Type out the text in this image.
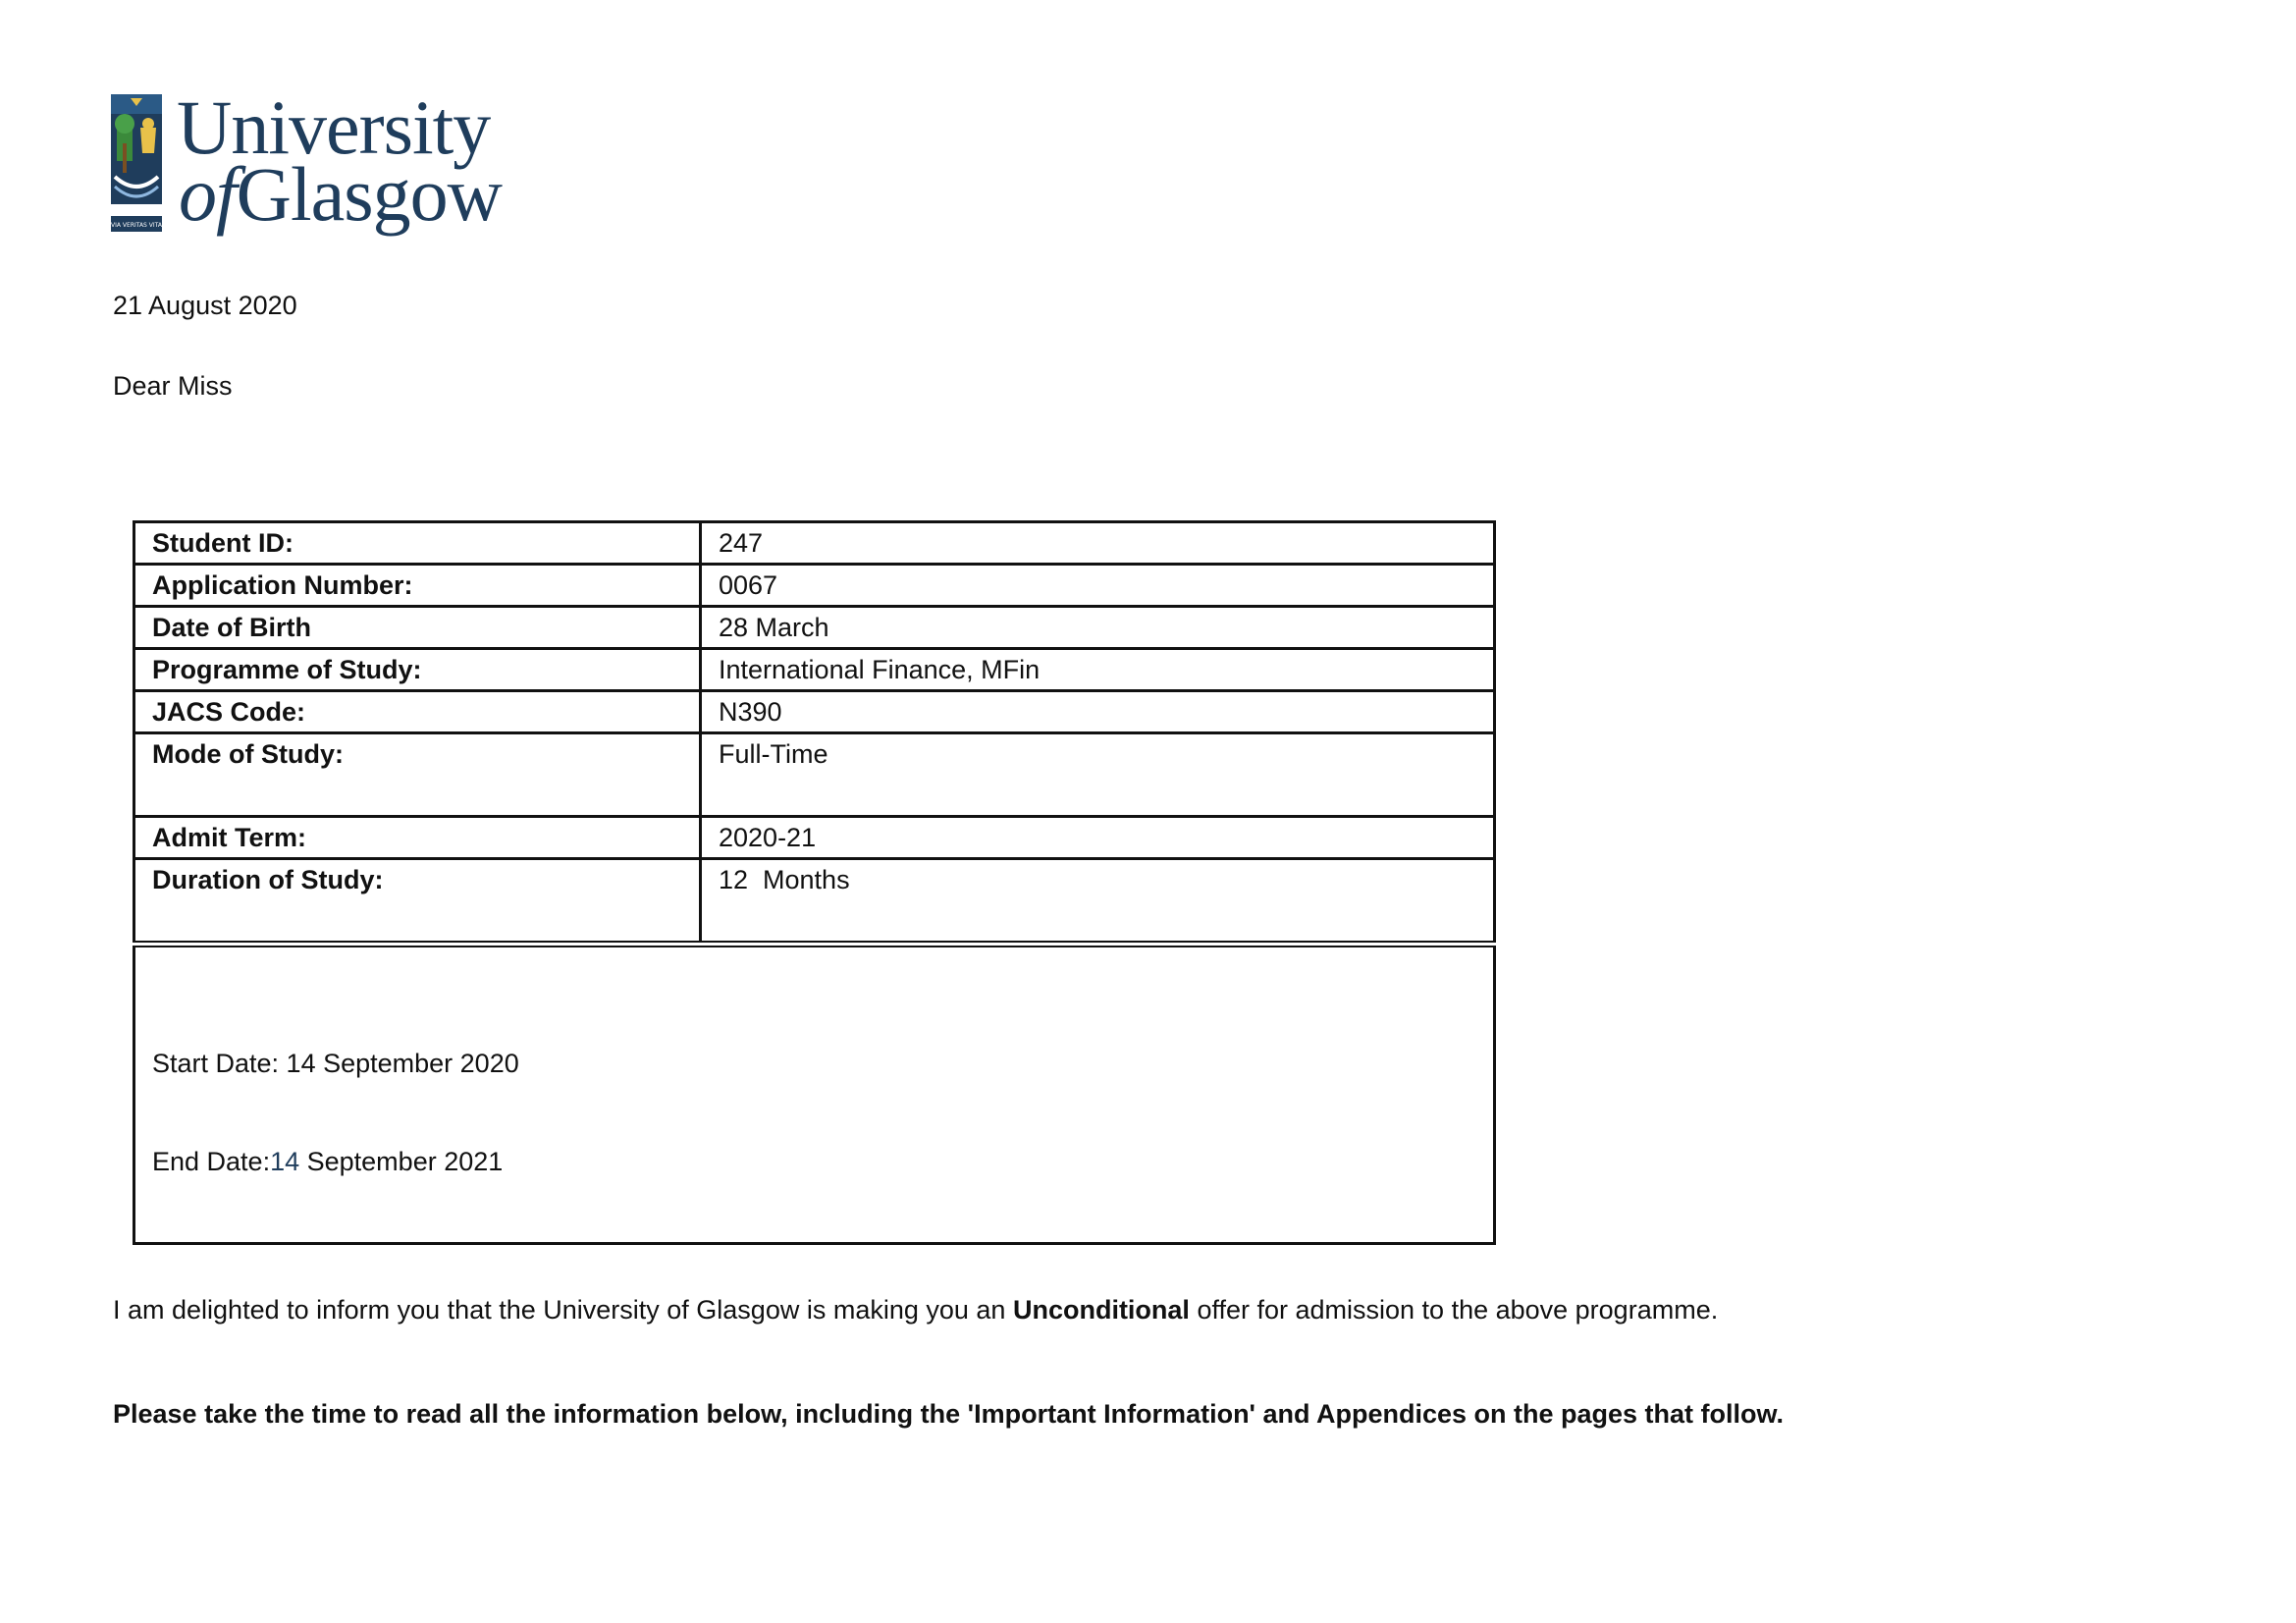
VIA VERITAS VITA
University
ofGlasgow
21 August 2020
Dear Miss
Student ID:	247
Application Number:	0067
Date of Birth	28 March
Programme of Study:	International Finance, MFin
JACS Code:	N390
Mode of Study:	Full-Time
Admit Term:	2020-21
Duration of Study:	12  Months

Start Date: 14 September 2020

End Date:14 September 2021	

I am delighted to inform you that the University of Glasgow is making you an Unconditional offer for admission to the above programme.
Please take the time to read all the information below, including the 'Important Information' and Appendices on the pages that follow.
